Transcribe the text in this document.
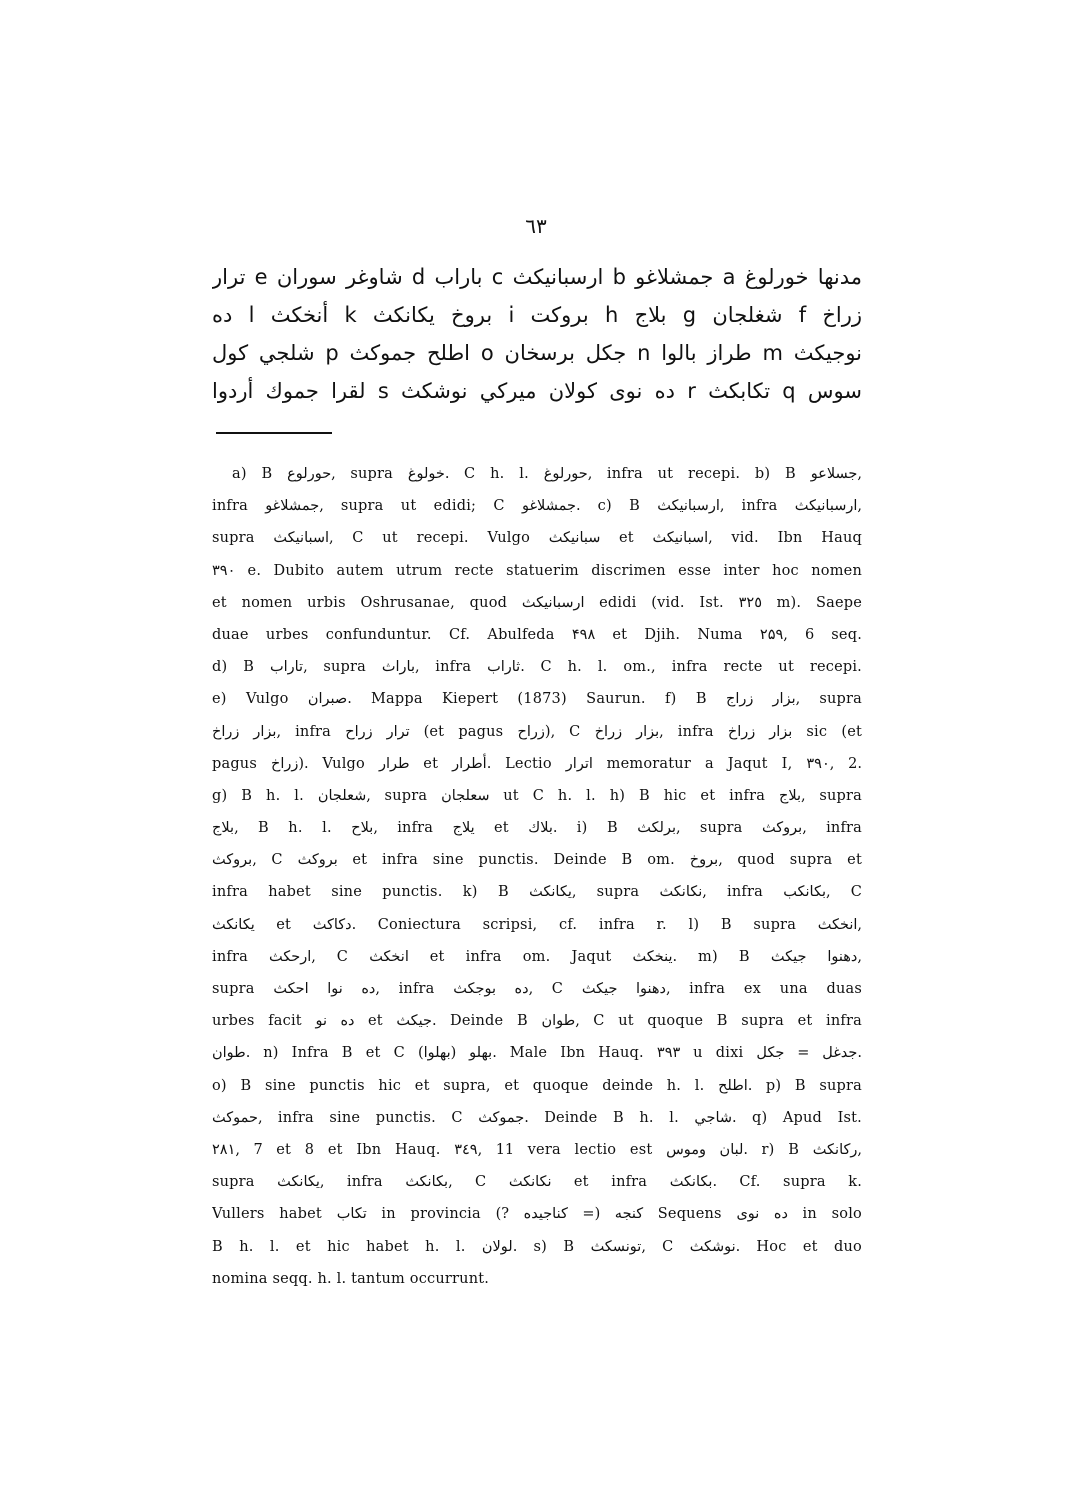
٦٣
مدنها خورلوغ a جمشلاغو b ارسبانيكث c باراب d شاوغر سوران e ترار
زراخ f شغلجان g بلاج h بروكت i بروخ يكانكث k أنخكث l ده
نوجيكث m طراز بالوا n جكل برسخان o اطلح جموكث p شلجي كول
سوس q تكابكث r ده نوى كولان ميركي نوشكث s لقرا جموك أردوا
a) B حورلوع, supra خولوغ. C h. l. حورلوغ, infra ut recepi. b) B جسلاعو,
infra جمشلاغو, supra ut edidi; C جمشلاغو. c) B ارسبانيكث, infra ارسبانيكث,
supra اسبانيكث, C ut recepi. Vulgo سبانيكث et اسبانيكث, vid. Ibn Hauq
٣٩٠ e. Dubito autem utrum recte statuerim discrimen esse inter hoc nomen
et nomen urbis Oshrusanae, quod ارسبانيكث edidi (vid. Ist. ٣٢٥ m). Saepe
duae urbes confunduntur. Cf. Abulfeda ۴۹۸ et Djih. Numa ۲۵۹, 6 seq.
d) B تاراب, supra باراث, infra ثاراب. C h. l. om., infra recte ut recepi.
e) Vulgo صبران. Mappa Kiepert (1873) Saurun. f) B بزار زراج, supra
بزار زراخ, infra ترار زراح (et pagus زراح), C بزار زراخ, infra بزار زراخ sic (et
pagus زراخ). Vulgo طرار et أطرار. Lectio اترار memoratur a Jaqut I, ٣٩٠, 2.
g) B h. l. شعلجان, supra سعلجان ut C h. l. h) B hic et infra بلاج, supra
بلاج, B h. l. بلاح, infra يلاج et بلاك. i) B برلكث, supra بروكث, infra
بروكث, C بروكث et infra sine punctis. Deinde B om. بروخ, quod supra et
infra habet sine punctis. k) B يكانكث, supra نكانكث, infra بكانكب, C
يكانكث et دكاكث. Coniectura scripsi, cf. infra r. l) B supra انخكث,
infra ارحكث, C انخكث et infra om. Jaqut ينخكث. m) B دهنوا جيكث,
supra ده نوا احكث, infra ده بوجكث, C دهنوا جيكث, infra ex una duas
urbes facit ده نو et جيكث. Deinde B طوان, C ut quoque B supra et infra
طوان. n) Infra B et C بهلو (بهلوا). Male Ibn Hauq. ٣٩٣ u dixi جدغل = جكل.
o) B sine punctis hic et supra, et quoque deinde h. l. اطلح. p) B supra
حموكث, infra sine punctis. C جموكث. Deinde B h. l. شاجي. q) Apud Ist.
۲۸۱, 7 et 8 et Ibn Hauq. ٣٤٩, 11 vera lectio est لبان وموس. r) B ركانكث,
supra يكانكث, infra بكانكث, C نكانكث et infra بكانكث. Cf. supra k.
Vullers habet تكاب in provincia كنجه (= كناجيده ?) Sequens ده نوى in solo
B h. l. et hic habet h. l. لولان. s) B تونسكث, C نوشكث. Hoc et duo
nomina seqq. h. l. tantum occurrunt.
